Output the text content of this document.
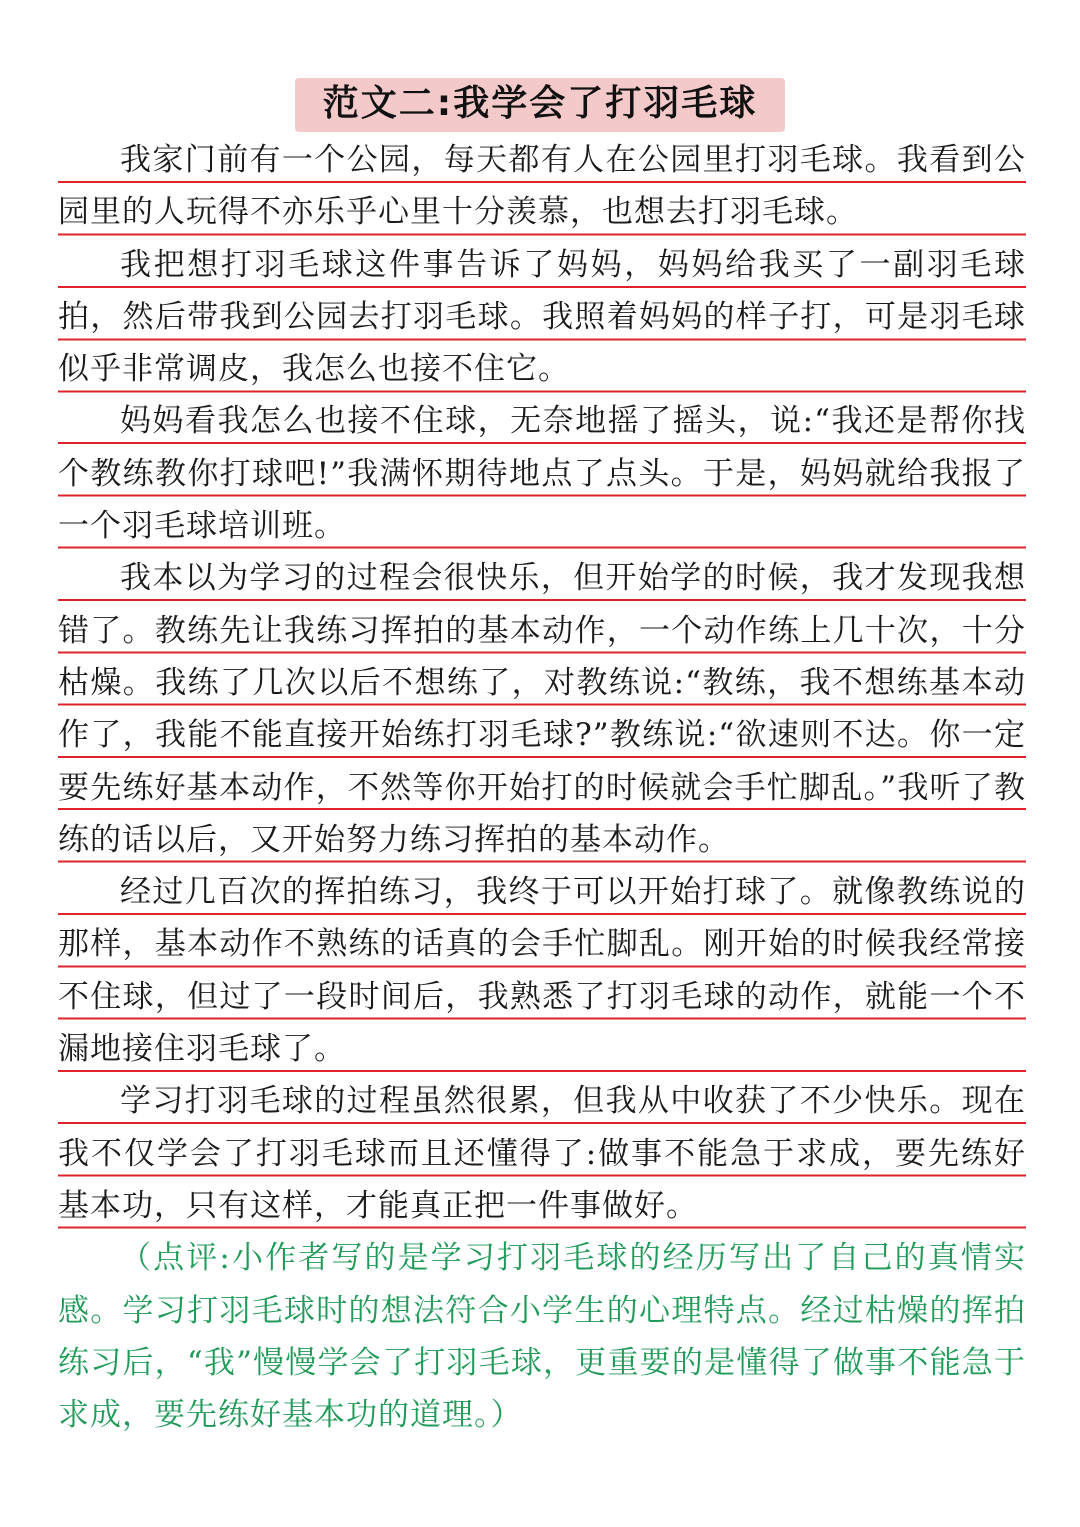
范文二:我学会了打羽毛球

我家门前有一个公园，每天都有人在公园里打羽毛球。我看到公园里的人玩得不亦乐乎心里十分羡慕，也想去打羽毛球。

我把想打羽毛球这件事告诉了妈妈，妈妈给我买了一副羽毛球拍，然后带我到公园去打羽毛球。我照着妈妈的样子打，可是羽毛球似乎非常调皮，我怎么也接不住它。

妈妈看我怎么也接不住球，无奈地摇了摇头，说:“我还是帮你找个教练教你打球吧!”我满怀期待地点了点头。于是，妈妈就给我报了一个羽毛球培训班。

我本以为学习的过程会很快乐，但开始学的时候，我才发现我想错了。教练先让我练习挥拍的基本动作，一个动作练上几十次，十分枯燥。我练了几次以后不想练了，对教练说:“教练，我不想练基本动作了，我能不能直接开始练打羽毛球?”教练说:“欲速则不达。你一定要先练好基本动作，不然等你开始打的时候就会手忙脚乱。”我听了教练的话以后，又开始努力练习挥拍的基本动作。

经过几百次的挥拍练习，我终于可以开始打球了。就像教练说的那样，基本动作不熟练的话真的会手忙脚乱。刚开始的时候我经常接不住球，但过了一段时间后，我熟悉了打羽毛球的动作，就能一个不漏地接住羽毛球了。

学习打羽毛球的过程虽然很累，但我从中收获了不少快乐。现在我不仅学会了打羽毛球而且还懂得了:做事不能急于求成，要先练好基本功，只有这样，才能真正把一件事做好。

（点评:小作者写的是学习打羽毛球的经历写出了自己的真情实感。学习打羽毛球时的想法符合小学生的心理特点。经过枯燥的挥拍练习后，“我”慢慢学会了打羽毛球，更重要的是懂得了做事不能急于求成，要先练好基本功的道理。）
